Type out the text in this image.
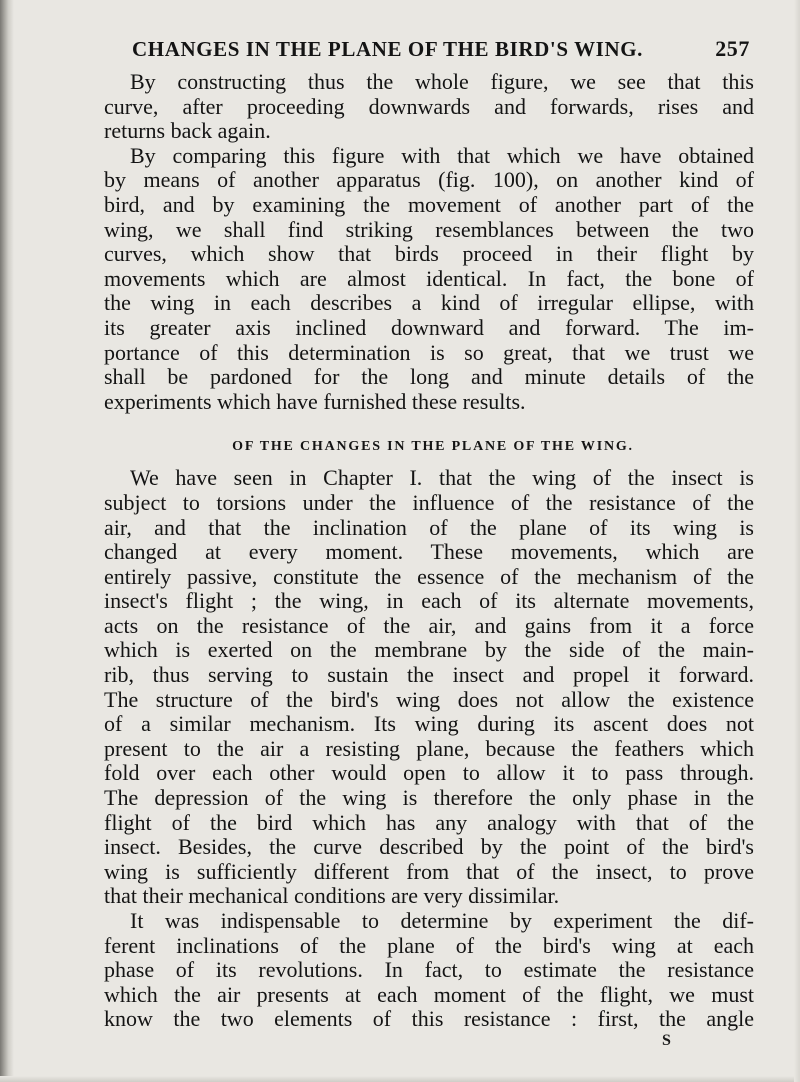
CHANGES IN THE PLANE OF THE BIRD'S WING.	257
By constructing thus the whole figure, we see that this
curve, after proceeding downwards and forwards, rises and
returns back again.
By comparing this figure with that which we have obtained
by means of another apparatus (fig. 100), on another kind of
bird, and by examining the movement of another part of the
wing, we shall find striking resemblances between the two
curves, which show that birds proceed in their flight by
movements which are almost identical. In fact, the bone of
the wing in each describes a kind of irregular ellipse, with
its greater axis inclined downward and forward. The im-
portance of this determination is so great, that we trust we
shall be pardoned for the long and minute details of the
experiments which have furnished these results.
OF THE CHANGES IN THE PLANE OF THE WING.
We have seen in Chapter I. that the wing of the insect is
subject to torsions under the influence of the resistance of the
air, and that the inclination of the plane of its wing is
changed at every moment. These movements, which are
entirely passive, constitute the essence of the mechanism of the
insect's flight ; the wing, in each of its alternate movements,
acts on the resistance of the air, and gains from it a force
which is exerted on the membrane by the side of the main-
rib, thus serving to sustain the insect and propel it forward.
The structure of the bird's wing does not allow the existence
of a similar mechanism. Its wing during its ascent does not
present to the air a resisting plane, because the feathers which
fold over each other would open to allow it to pass through.
The depression of the wing is therefore the only phase in the
flight of the bird which has any analogy with that of the
insect. Besides, the curve described by the point of the bird's
wing is sufficiently different from that of the insect, to prove
that their mechanical conditions are very dissimilar.
It was indispensable to determine by experiment the dif-
ferent inclinations of the plane of the bird's wing at each
phase of its revolutions. In fact, to estimate the resistance
which the air presents at each moment of the flight, we must
know the two elements of this resistance : first, the angle
S
